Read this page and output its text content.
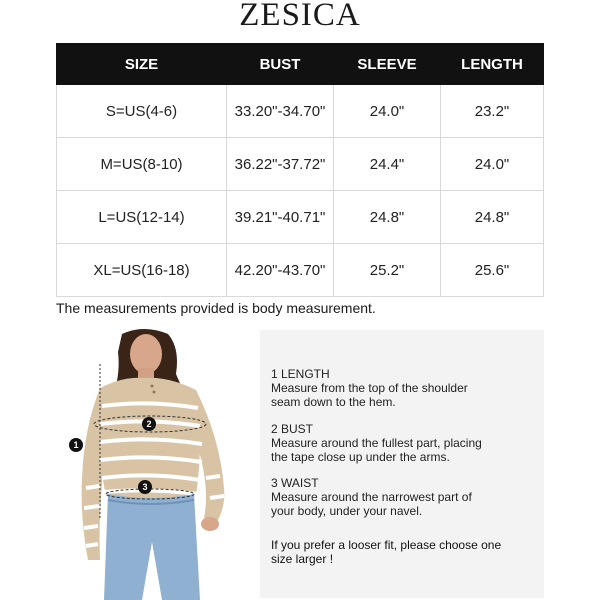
ZESICA
SIZE	BUST	SLEEVE	LENGTH
S=US(4-6)	33.20"-34.70"	24.0"	23.2"
M=US(8-10)	36.22"-37.72"	24.4"	24.0"
L=US(12-14)	39.21"-40.71"	24.8"	24.8"
XL=US(16-18)	42.20"-43.70"	25.2"	25.6"
The measurements provided is body measurement.
1
2
3
1 LENGTH
Measure from the top of the shoulder seam down to the hem.
2 BUST
Measure around the fullest part, placing the tape close up under the arms.
3 WAIST
Measure around the narrowest part of your body, under your navel.
If you prefer a looser fit, please choose one size larger !
